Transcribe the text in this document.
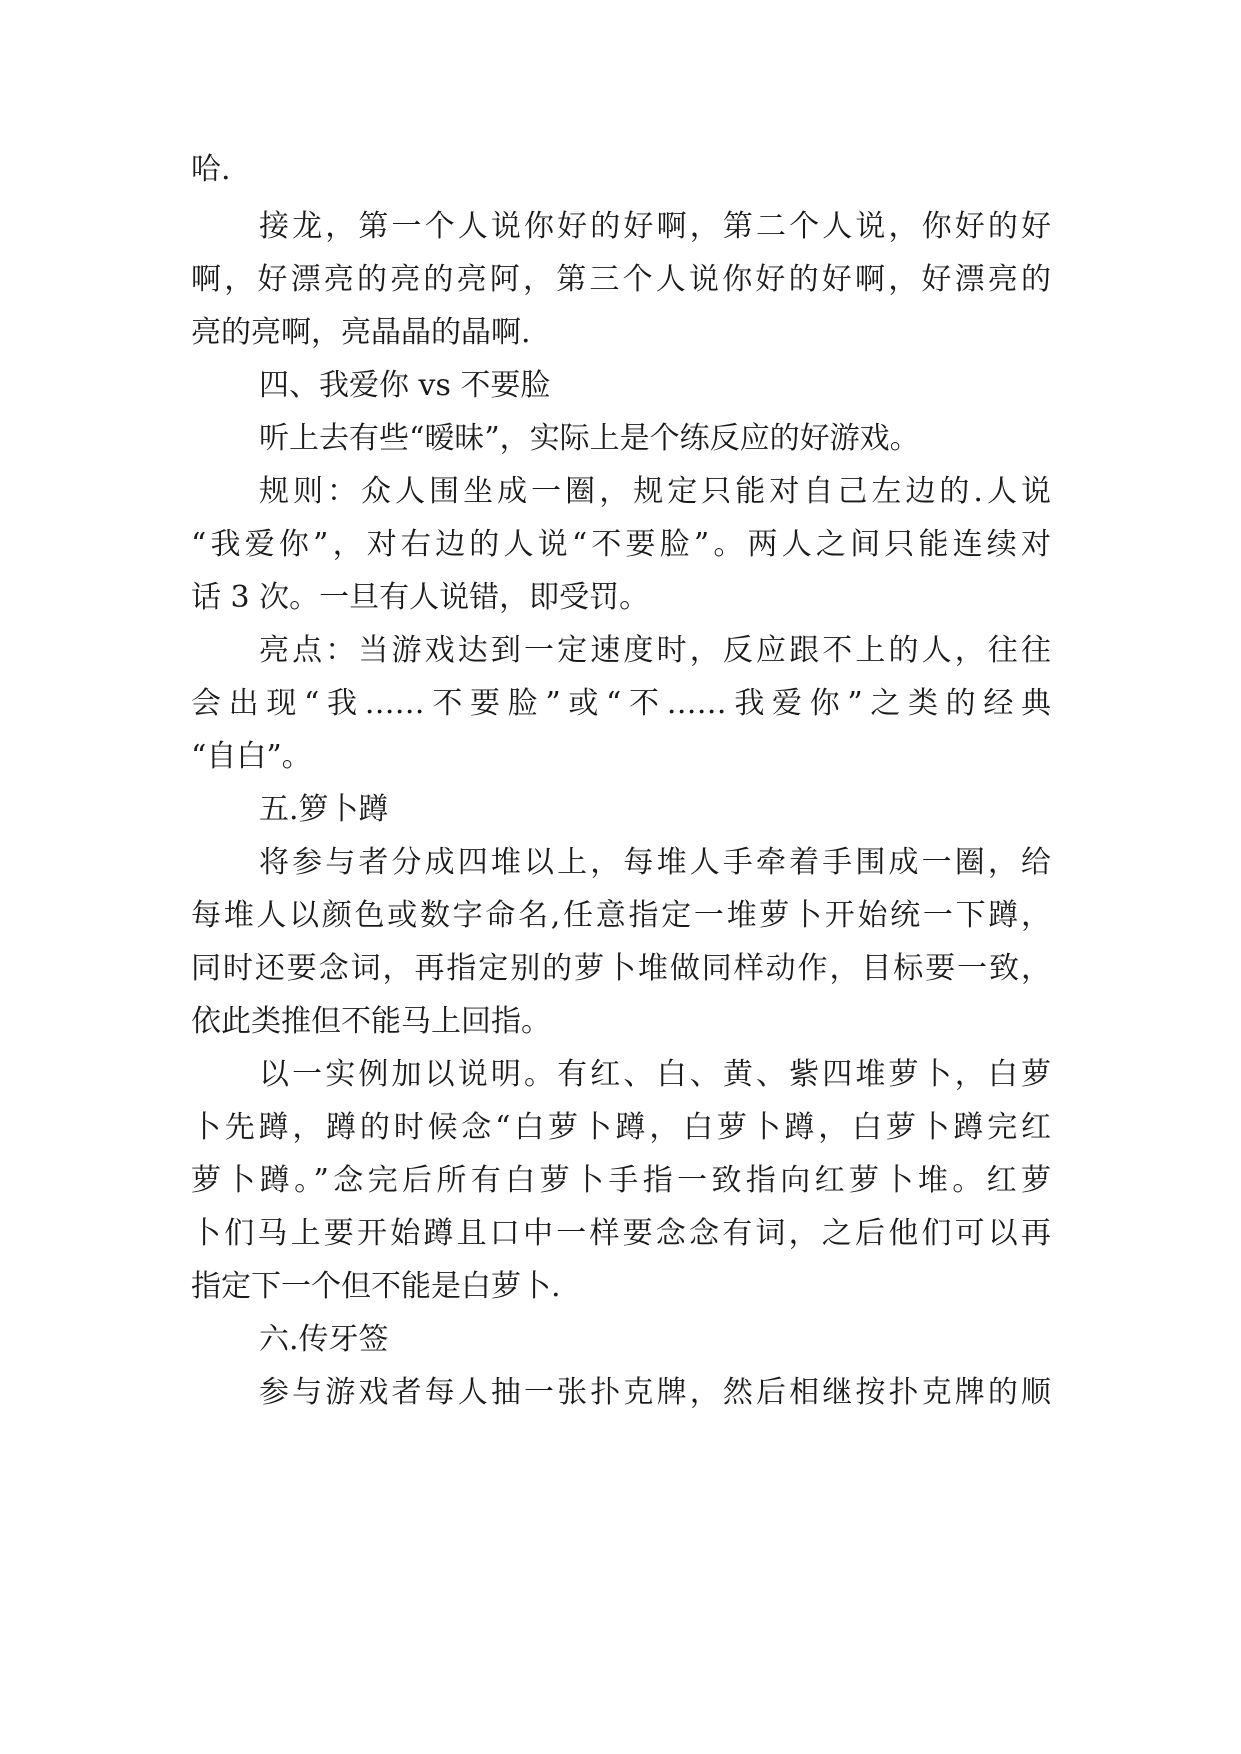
哈.
接龙，第一个人说你好的好啊，第二个人说，你好的好
啊，好漂亮的亮的亮阿，第三个人说你好的好啊，好漂亮的
亮的亮啊，亮晶晶的晶啊.
四、我爱你 vs 不要脸
听上去有些“暧昧”，实际上是个练反应的好游戏。
规则：众人围坐成一圈，规定只能对自己左边的.人说
“我爱你”，对右边的人说“不要脸”。两人之间只能连续对
话 3 次。一旦有人说错，即受罚。
亮点：当游戏达到一定速度时，反应跟不上的人，往往
会出现“我……不要脸”或“不……我爱你”之类的经典
“自白”。
五.箩卜蹲
将参与者分成四堆以上，每堆人手牵着手围成一圈，给
每堆人以颜色或数字命名,任意指定一堆萝卜开始统一下蹲，
同时还要念词，再指定别的萝卜堆做同样动作，目标要一致，
依此类推但不能马上回指。
以一实例加以说明。有红、白、黄、紫四堆萝卜，白萝
卜先蹲，蹲的时候念“白萝卜蹲，白萝卜蹲，白萝卜蹲完红
萝卜蹲。”念完后所有白萝卜手指一致指向红萝卜堆。红萝
卜们马上要开始蹲且口中一样要念念有词，之后他们可以再
指定下一个但不能是白萝卜.
六.传牙签
参与游戏者每人抽一张扑克牌，然后相继按扑克牌的顺
